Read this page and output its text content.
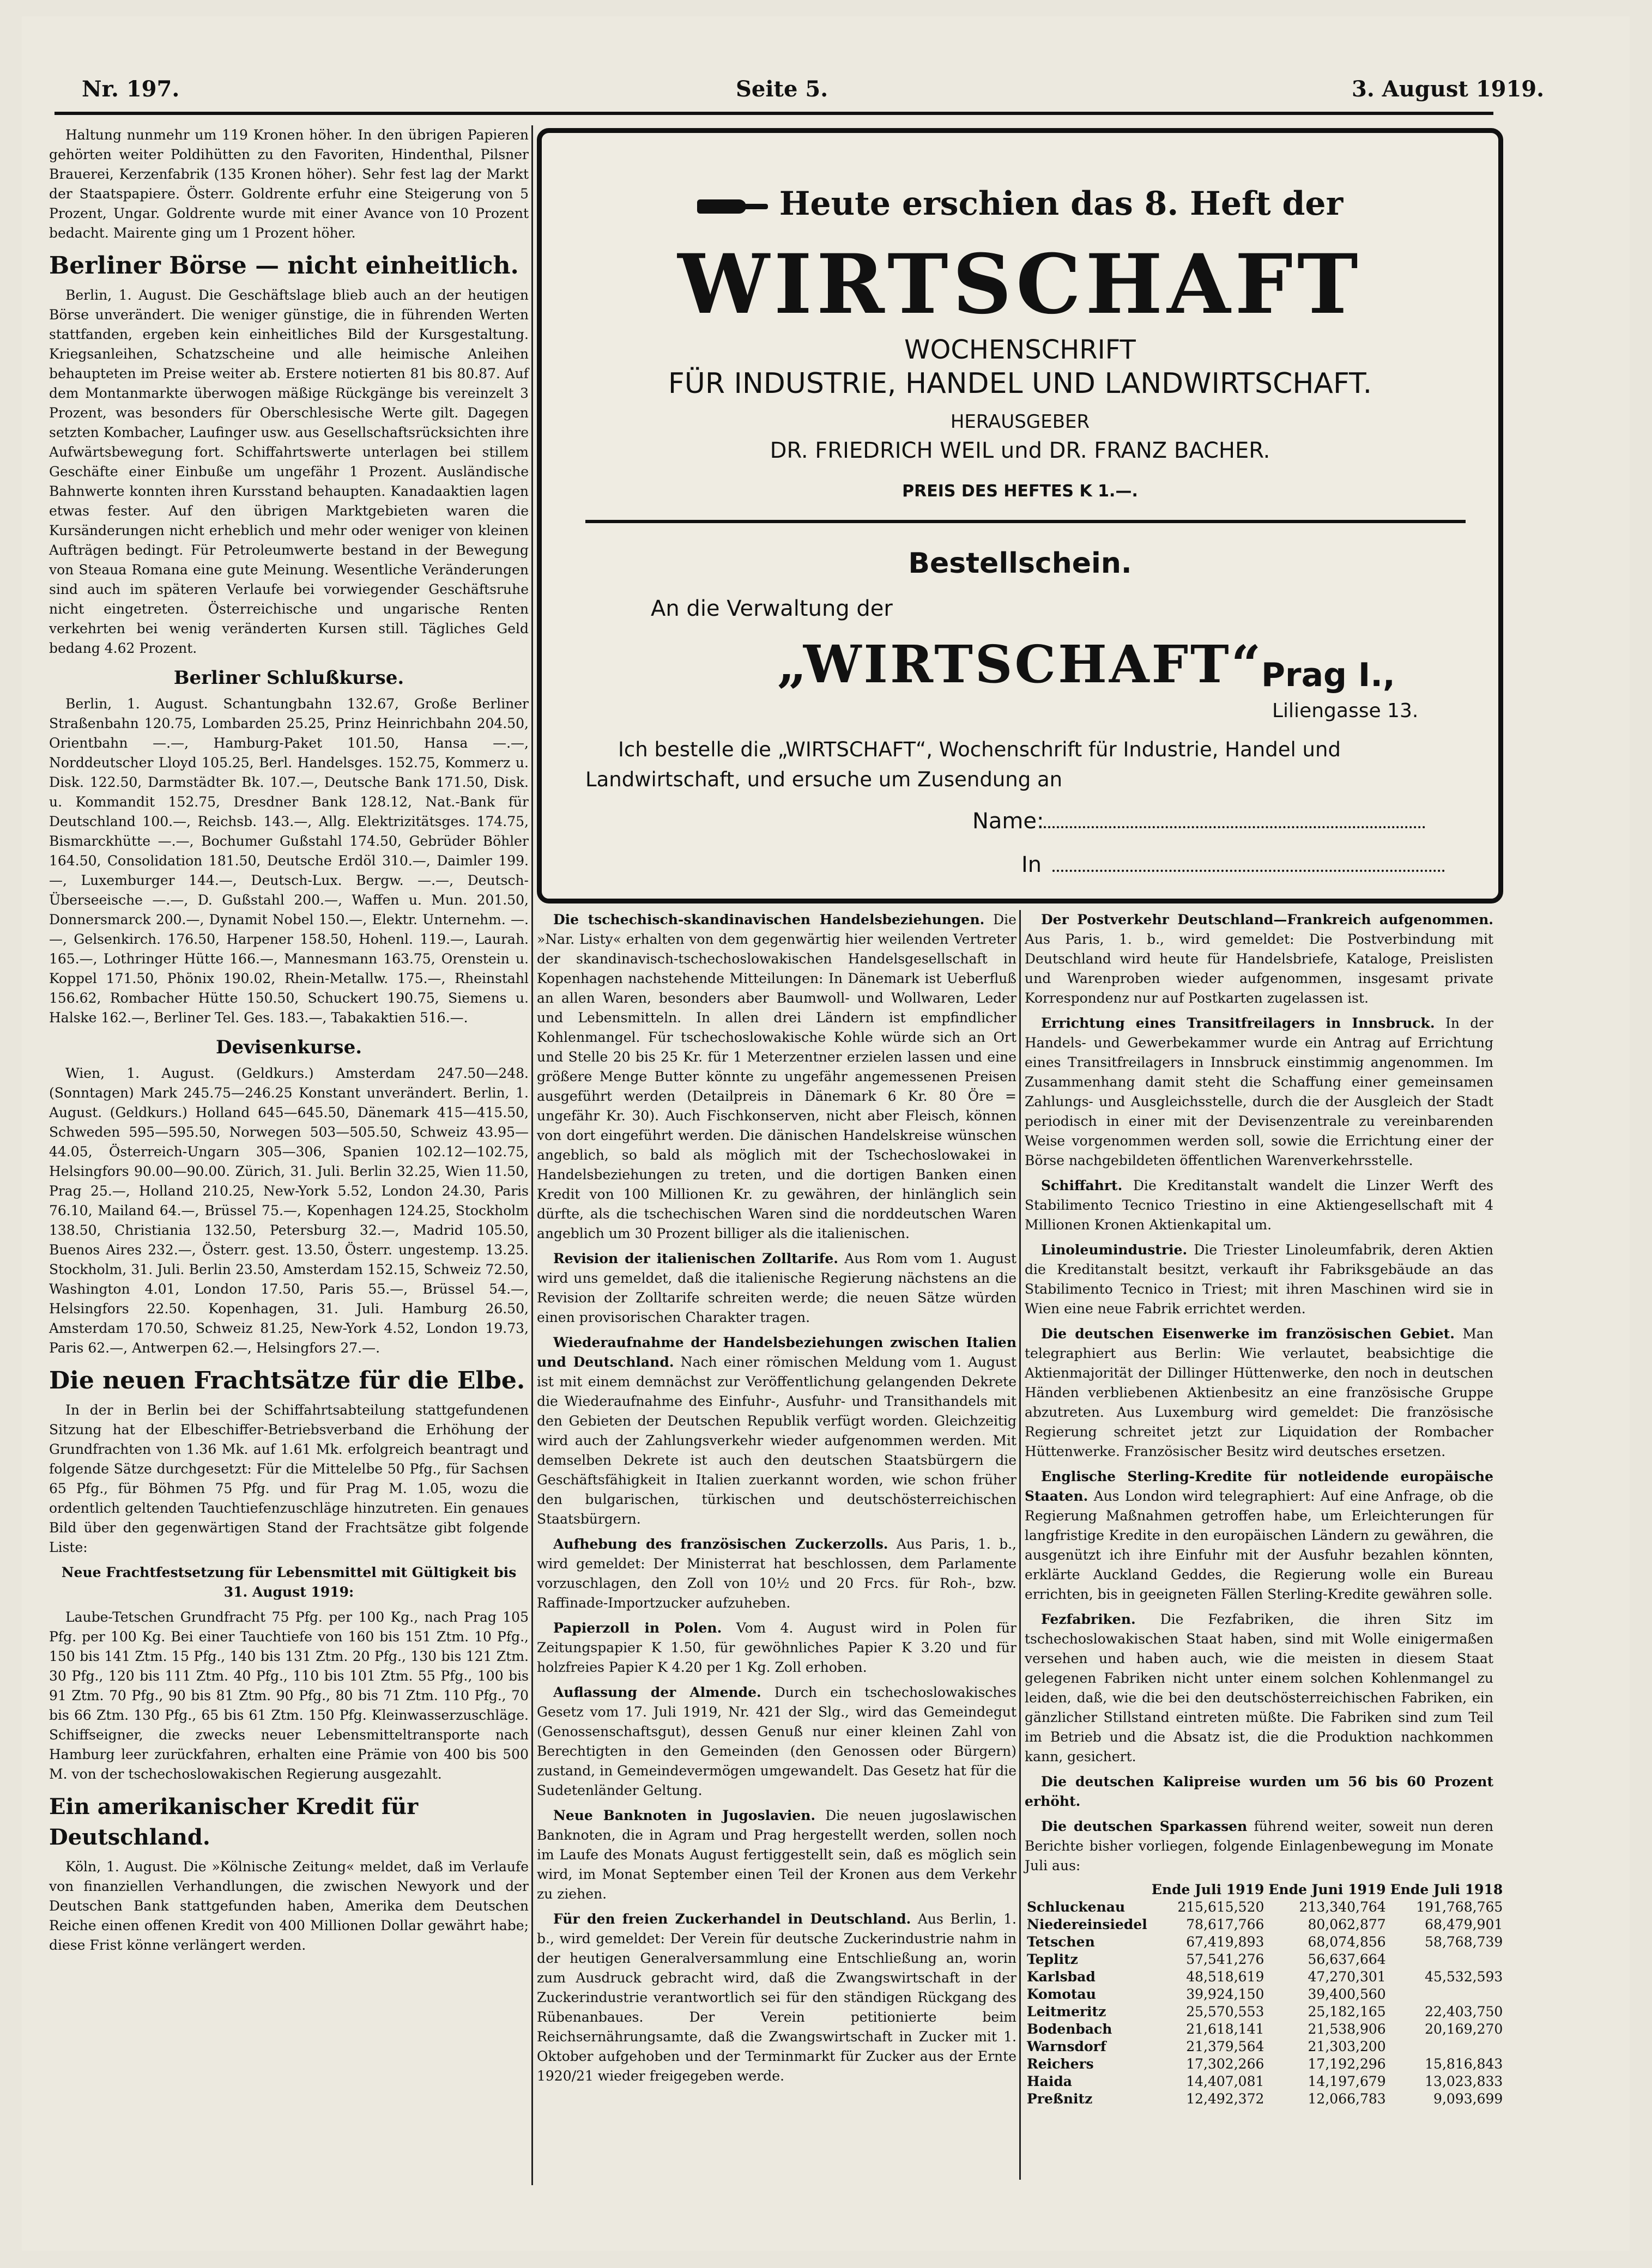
Nr. 197.	Seite 5.	3. August 1919.

Haltung nunmehr um 119 Kronen höher. In den übrigen Papieren gehörten weiter Poldihütten zu den Favoriten, Hindenthal, Pilsner Brauerei, Kerzenfabrik (135 Kronen höher). Sehr fest lag der Markt der Staatspapiere. Österr. Goldrente erfuhr eine Steigerung von 5 Prozent, Ungar. Goldrente wurde mit einer Avance von 10 Prozent bedacht. Mairente ging um 1 Prozent höher.

Berliner Börse — nicht einheitlich.

Berlin, 1. August. Die Geschäftslage blieb auch an der heutigen Börse unverändert. Die weniger günstige, die in führenden Werten stattfanden, ergeben kein einheitliches Bild der Kursgestaltung. Kriegsanleihen, Schatzscheine und alle heimische Anleihen behaupteten im Preise weiter ab. Erstere notierten 81 bis 80.87. Auf dem Montanmarkte überwogen mäßige Rückgänge bis vereinzelt 3 Prozent, was besonders für Oberschlesische Werte gilt. Dagegen setzten Kombacher, Laufinger usw. aus Gesellschaftsrücksichten ihre Aufwärtsbewegung fort. Schiffahrtswerte unterlagen bei stillem Geschäfte einer Einbuße um ungefähr 1 Prozent. Ausländische Bahnwerte konnten ihren Kursstand behaupten. Kanadaaktien lagen etwas fester. Auf den übrigen Marktgebieten waren die Kursänderungen nicht erheblich und mehr oder weniger von kleinen Aufträgen bedingt. Für Petroleumwerte bestand in der Bewegung von Steaua Romana eine gute Meinung. Wesentliche Veränderungen sind auch im späteren Verlaufe bei vorwiegender Geschäftsruhe nicht eingetreten. Österreichische und ungarische Renten verkehrten bei wenig veränderten Kursen still. Tägliches Geld bedang 4.62 Prozent.

Berliner Schlußkurse.

Berlin, 1. August. Schantungbahn 132.67, Große Berliner Straßenbahn 120.75, Lombarden 25.25, Prinz Heinrichbahn 204.50, Orientbahn —.—, Hamburg-Paket 101.50, Hansa —.—, Norddeutscher Lloyd 105.25, Berl. Handelsges. 152.75, Kommerz u. Disk. 122.50, Darmstädter Bk. 107.—, Deutsche Bank 171.50, Disk. u. Kommandit 152.75, Dresdner Bank 128.12, Nat.-Bank für Deutschland 100.—, Reichsb. 143.—, Allg. Elektrizitätsges. 174.75, Bismarckhütte —.—, Bochumer Gußstahl 174.50, Gebrüder Böhler 164.50, Consolidation 181.50, Deutsche Erdöl 310.—, Daimler 199.—, Luxemburger 144.—, Deutsch-Lux. Bergw. —.—, Deutsch-Überseeische —.—, D. Gußstahl 200.—, Waffen u. Mun. 201.50, Donnersmarck 200.—, Dynamit Nobel 150.—, Elektr. Unternehm. —.—, Gelsenkirch. 176.50, Harpener 158.50, Hohenl. 119.—, Laurah. 165.—, Lothringer Hütte 166.—, Mannesmann 163.75, Orenstein u. Koppel 171.50, Phönix 190.02, Rhein-Metallw. 175.—, Rheinstahl 156.62, Rombacher Hütte 150.50, Schuckert 190.75, Siemens u. Halske 162.—, Berliner Tel. Ges. 183.—, Tabakaktien 516.—.

Devisenkurse.

Wien, 1. August. (Geldkurs.) Amsterdam 247.50—248. (Sonntagen) Mark 245.75—246.25 Konstant unverändert. Berlin, 1. August. (Geldkurs.) Holland 645—645.50, Dänemark 415—415.50, Schweden 595—595.50, Norwegen 503—505.50, Schweiz 43.95—44.05, Österreich-Ungarn 305—306, Spanien 102.12—102.75, Helsingfors 90.00—90.00. Zürich, 31. Juli. Berlin 32.25, Wien 11.50, Prag 25.—, Holland 210.25, New-York 5.52, London 24.30, Paris 76.10, Mailand 64.—, Brüssel 75.—, Kopenhagen 124.25, Stockholm 138.50, Christiania 132.50, Petersburg 32.—, Madrid 105.50, Buenos Aires 232.—, Österr. gest. 13.50, Österr. ungestemp. 13.25. Stockholm, 31. Juli. Berlin 23.50, Amsterdam 152.15, Schweiz 72.50, Washington 4.01, London 17.50, Paris 55.—, Brüssel 54.—, Helsingfors 22.50. Kopenhagen, 31. Juli. Hamburg 26.50, Amsterdam 170.50, Schweiz 81.25, New-York 4.52, London 19.73, Paris 62.—, Antwerpen 62.—, Helsingfors 27.—.

Die neuen Frachtsätze für die Elbe.

In der in Berlin bei der Schiffahrtsabteilung stattgefundenen Sitzung hat der Elbeschiffer-Betriebsverband die Erhöhung der Grundfrachten von 1.36 Mk. auf 1.61 Mk. erfolgreich beantragt und folgende Sätze durchgesetzt: Für die Mittelelbe 50 Pfg., für Sachsen 65 Pfg., für Böhmen 75 Pfg. und für Prag M. 1.05, wozu die ordentlich geltenden Tauchtiefenzuschläge hinzutreten. Ein genaues Bild über den gegenwärtigen Stand der Frachtsätze gibt folgende Liste:

Neue Frachtfestsetzung für Lebensmittel mit Gültigkeit bis 31. August 1919:

Laube-Tetschen Grundfracht 75 Pfg. per 100 Kg., nach Prag 105 Pfg. per 100 Kg. Bei einer Tauchtiefe von 160 bis 151 Ztm. 10 Pfg., 150 bis 141 Ztm. 15 Pfg., 140 bis 131 Ztm. 20 Pfg., 130 bis 121 Ztm. 30 Pfg., 120 bis 111 Ztm. 40 Pfg., 110 bis 101 Ztm. 55 Pfg., 100 bis 91 Ztm. 70 Pfg., 90 bis 81 Ztm. 90 Pfg., 80 bis 71 Ztm. 110 Pfg., 70 bis 66 Ztm. 130 Pfg., 65 bis 61 Ztm. 150 Pfg. Kleinwasserzuschläge. Schiffseigner, die zwecks neuer Lebensmitteltransporte nach Hamburg leer zurückfahren, erhalten eine Prämie von 400 bis 500 M. von der tschechoslowakischen Regierung ausgezahlt.

Ein amerikanischer Kredit für Deutschland.

Köln, 1. August. Die »Kölnische Zeitung« meldet, daß im Verlaufe von finanziellen Verhandlungen, die zwischen Newyork und der Deutschen Bank stattgefunden haben, Amerika dem Deutschen Reiche einen offenen Kredit von 400 Millionen Dollar gewährt habe; diese Frist könne verlängert werden.

Heute erschien das 8. Heft der
WIRTSCHAFT
WOCHENSCHRIFT
FÜR INDUSTRIE, HANDEL UND LANDWIRTSCHAFT.
HERAUSGEBER
DR. FRIEDRICH WEIL und DR. FRANZ BACHER.
PREIS DES HEFTES K 1.—.
Bestellschein.
An die Verwaltung der
„WIRTSCHAFT“
Prag I.,
Liliengasse 13.
Ich bestelle die „WIRTSCHAFT“, Wochenschrift für Industrie, Handel und
Landwirtschaft, und ersuche um Zusendung an
Name:
In

Die tschechisch-skandinavischen Handelsbeziehungen. Die »Nar. Listy« erhalten von dem gegenwärtig hier weilenden Vertreter der skandinavisch-tschechoslowakischen Handelsgesellschaft in Kopenhagen nachstehende Mitteilungen: In Dänemark ist Ueberfluß an allen Waren, besonders aber Baumwoll- und Wollwaren, Leder und Lebensmitteln. In allen drei Ländern ist empfindlicher Kohlenmangel. Für tschechoslowakische Kohle würde sich an Ort und Stelle 20 bis 25 Kr. für 1 Meterzentner erzielen lassen und eine größere Menge Butter könnte zu ungefähr angemessenen Preisen ausgeführt werden (Detailpreis in Dänemark 6 Kr. 80 Öre = ungefähr Kr. 30). Auch Fischkonserven, nicht aber Fleisch, können von dort eingeführt werden. Die dänischen Handelskreise wünschen angeblich, so bald als möglich mit der Tschechoslowakei in Handelsbeziehungen zu treten, und die dortigen Banken einen Kredit von 100 Millionen Kr. zu gewähren, der hinlänglich sein dürfte, als die tschechischen Waren sind die norddeutschen Waren angeblich um 30 Prozent billiger als die italienischen.

Revision der italienischen Zolltarife. Aus Rom vom 1. August wird uns gemeldet, daß die italienische Regierung nächstens an die Revision der Zolltarife schreiten werde; die neuen Sätze würden einen provisorischen Charakter tragen.

Wiederaufnahme der Handelsbeziehungen zwischen Italien und Deutschland. Nach einer römischen Meldung vom 1. August ist mit einem demnächst zur Veröffentlichung gelangenden Dekrete die Wiederaufnahme des Einfuhr-, Ausfuhr- und Transithandels mit den Gebieten der Deutschen Republik verfügt worden. Gleichzeitig wird auch der Zahlungsverkehr wieder aufgenommen werden. Mit demselben Dekrete ist auch den deutschen Staatsbürgern die Geschäftsfähigkeit in Italien zuerkannt worden, wie schon früher den bulgarischen, türkischen und deutschösterreichischen Staatsbürgern.

Aufhebung des französischen Zuckerzolls. Aus Paris, 1. b., wird gemeldet: Der Ministerrat hat beschlossen, dem Parlamente vorzuschlagen, den Zoll von 10½ und 20 Frcs. für Roh-, bzw. Raffinade-Importzucker aufzuheben.

Papierzoll in Polen. Vom 4. August wird in Polen für Zeitungspapier K 1.50, für gewöhnliches Papier K 3.20 und für holzfreies Papier K 4.20 per 1 Kg. Zoll erhoben.

Auflassung der Almende. Durch ein tschechoslowakisches Gesetz vom 17. Juli 1919, Nr. 421 der Slg., wird das Gemeindegut (Genossenschaftsgut), dessen Genuß nur einer kleinen Zahl von Berechtigten in den Gemeinden (den Genossen oder Bürgern) zustand, in Gemeindevermögen umgewandelt. Das Gesetz hat für die Sudetenländer Geltung.

Neue Banknoten in Jugoslavien. Die neuen jugoslawischen Banknoten, die in Agram und Prag hergestellt werden, sollen noch im Laufe des Monats August fertiggestellt sein, daß es möglich sein wird, im Monat September einen Teil der Kronen aus dem Verkehr zu ziehen.

Für den freien Zuckerhandel in Deutschland. Aus Berlin, 1. b., wird gemeldet: Der Verein für deutsche Zuckerindustrie nahm in der heutigen Generalversammlung eine Entschließung an, worin zum Ausdruck gebracht wird, daß die Zwangswirtschaft in der Zuckerindustrie verantwortlich sei für den ständigen Rückgang des Rübenanbaues. Der Verein petitionierte beim Reichsernährungsamte, daß die Zwangswirtschaft in Zucker mit 1. Oktober aufgehoben und der Terminmarkt für Zucker aus der Ernte 1920/21 wieder freigegeben werde.

Der Postverkehr Deutschland—Frankreich aufgenommen. Aus Paris, 1. b., wird gemeldet: Die Postverbindung mit Deutschland wird heute für Handelsbriefe, Kataloge, Preislisten und Warenproben wieder aufgenommen, insgesamt private Korrespondenz nur auf Postkarten zugelassen ist.

Errichtung eines Transitfreilagers in Innsbruck. In der Handels- und Gewerbekammer wurde ein Antrag auf Errichtung eines Transitfreilagers in Innsbruck einstimmig angenommen. Im Zusammenhang damit steht die Schaffung einer gemeinsamen Zahlungs- und Ausgleichsstelle, durch die der Ausgleich der Stadt periodisch in einer mit der Devisenzentrale zu vereinbarenden Weise vorgenommen werden soll, sowie die Errichtung einer der Börse nachgebildeten öffentlichen Warenverkehrsstelle.

Schiffahrt. Die Kreditanstalt wandelt die Linzer Werft des Stabilimento Tecnico Triestino in eine Aktiengesellschaft mit 4 Millionen Kronen Aktienkapital um.

Linoleumindustrie. Die Triester Linoleumfabrik, deren Aktien die Kreditanstalt besitzt, verkauft ihr Fabriksgebäude an das Stabilimento Tecnico in Triest; mit ihren Maschinen wird sie in Wien eine neue Fabrik errichtet werden.

Die deutschen Eisenwerke im französischen Gebiet. Man telegraphiert aus Berlin: Wie verlautet, beabsichtige die Aktienmajorität der Dillinger Hüttenwerke, den noch in deutschen Händen verbliebenen Aktienbesitz an eine französische Gruppe abzutreten. Aus Luxemburg wird gemeldet: Die französische Regierung schreitet jetzt zur Liquidation der Rombacher Hüttenwerke. Französischer Besitz wird deutsches ersetzen.

Englische Sterling-Kredite für notleidende europäische Staaten. Aus London wird telegraphiert: Auf eine Anfrage, ob die Regierung Maßnahmen getroffen habe, um Erleichterungen für langfristige Kredite in den europäischen Ländern zu gewähren, die ausgenützt ich ihre Einfuhr mit der Ausfuhr bezahlen könnten, erklärte Auckland Geddes, die Regierung wolle ein Bureau errichten, bis in geeigneten Fällen Sterling-Kredite gewähren solle.

Fezfabriken. Die Fezfabriken, die ihren Sitz im tschechoslowakischen Staat haben, sind mit Wolle einigermaßen versehen und haben auch, wie die meisten in diesem Staat gelegenen Fabriken nicht unter einem solchen Kohlenmangel zu leiden, daß, wie die bei den deutschösterreichischen Fabriken, ein gänzlicher Stillstand eintreten müßte. Die Fabriken sind zum Teil im Betrieb und die Absatz ist, die die Produktion nachkommen kann, gesichert.

Die deutschen Kalipreise wurden um 56 bis 60 Prozent erhöht.

Die deutschen Sparkassen führend weiter, soweit nun deren Berichte bisher vorliegen, folgende Einlagenbewegung im Monate Juli aus:

	Ende Juli 1919	Ende Juni 1919	Ende Juli 1918
Schluckenau	215,615,520	213,340,764	191,768,765
Niedereinsiedel	78,617,766	80,062,877	68,479,901
Tetschen	67,419,893	68,074,856	58,768,739
Teplitz	57,541,276	56,637,664	
Karlsbad	48,518,619	47,270,301	45,532,593
Komotau	39,924,150	39,400,560	
Leitmeritz	25,570,553	25,182,165	22,403,750
Bodenbach	21,618,141	21,538,906	20,169,270
Warnsdorf	21,379,564	21,303,200	
Reichers	17,302,266	17,192,296	15,816,843
Haida	14,407,081	14,197,679	13,023,833
Preßnitz	12,492,372	12,066,783	9,093,699
